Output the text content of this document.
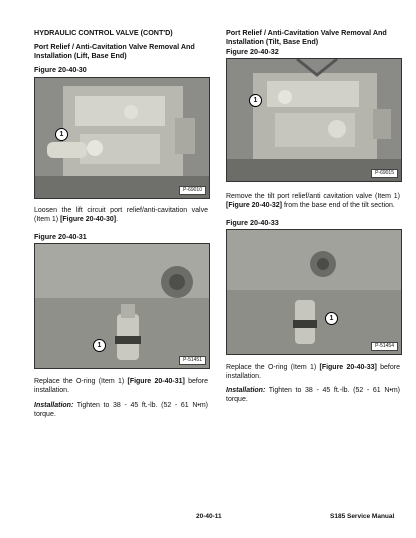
HYDRAULIC CONTROL VALVE (CONT'D)
Port Relief / Anti-Cavitation Valve Removal And Installation (Lift, Base End)
Port Relief / Anti-Cavitation Valve Removal And Installation (Tilt, Base End)
Figure 20-40-30
1
P-69010
Loosen the lift circuit port relief/anti-cavitation valve (Item 1) [Figure 20-40-30].
Figure 20-40-31
1
P-51451
Replace the O-ring (Item 1) [Figure 20-40-31] before installation.
Installation: Tighten to 38 - 45 ft.-lb. (52 - 61 N•m) torque.
Figure 20-40-32
1
P-69015
Remove the tilt port relief/anti cavitation valve (Item 1) [Figure 20-40-32] from the base end of the tilt section.
Figure 20-40-33
1
P-51454
Replace the O-ring (Item 1) [Figure 20-40-33] before installation.
Installation: Tighten to 38 - 45 ft.-lb. (52 - 61 N•m) torque.
20-40-11	S185 Service Manual
